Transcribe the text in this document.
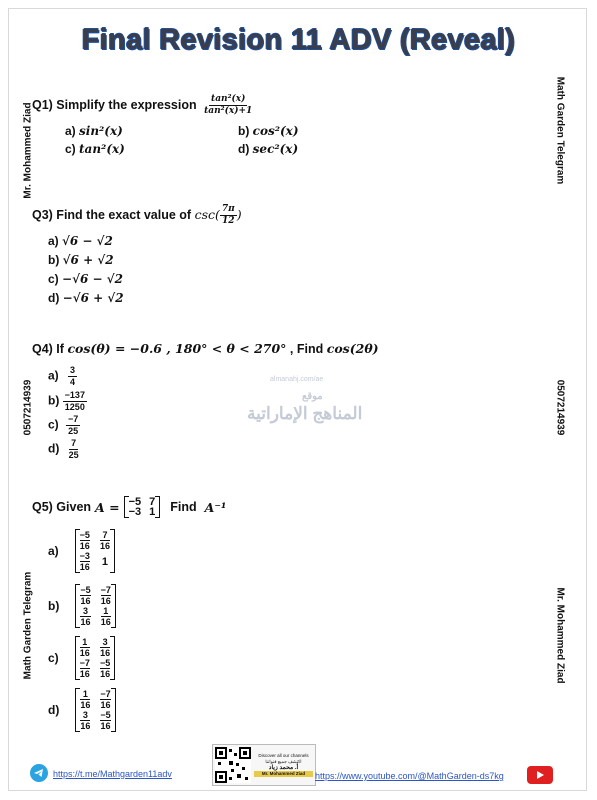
Final Revision 11 ADV (Reveal)
Mr. Mohammed Ziad
0507214939
Math Garden Telegram
Math Garden Telegram
0507214939
Mr. Mohammed Ziad
Q1) Simplify the expression $\frac{\text{tan²(x)}}{\text{tan²(x)+1}}$
a) sin²(x)	b) cos²(x)
c) tan²(x)	d) sec²(x)
Q3) Find the exact value of $\csc( \frac{7\pi}{12}$ )
a) √6 − √2
b) √6 + √2
c) −√6 − √2
d) −√6 + √2
Q4) If cos(θ) = −0.6 , 180° < θ < 270° , Find cos(2θ)
$a) \frac{3}{4}$
$b) \frac{-137}{1250}$
$c) \frac{-7}{25}$
$d) \frac{7}{25}$
almanahj.com/ae
موقع
المناهج الإماراتية
Q5) Given A = −5 7
−3 1 Find A⁻¹
$a) \frac{-5}{16} \frac{7}{16}$
$\frac{-3}{16} 1$
$b) \frac{-5}{16} \frac{-7}{16}$
$\frac{3}{16} \frac{1}{16}$
$c) \frac{1}{16} \frac{3}{16}$
$\frac{-7}{16} \frac{-5}{16}$
$d) \frac{1}{16} \frac{-7}{16}$
$\frac{3}{16} \frac{-5}{16}$
https://t.me/Mathgarden11adv
Discover all our channels
اكتشف جميع قنواتنا
أ. محمد زياد
Mr. Mohammed Ziad	https://www.youtube.com/@MathGarden-ds7kg
